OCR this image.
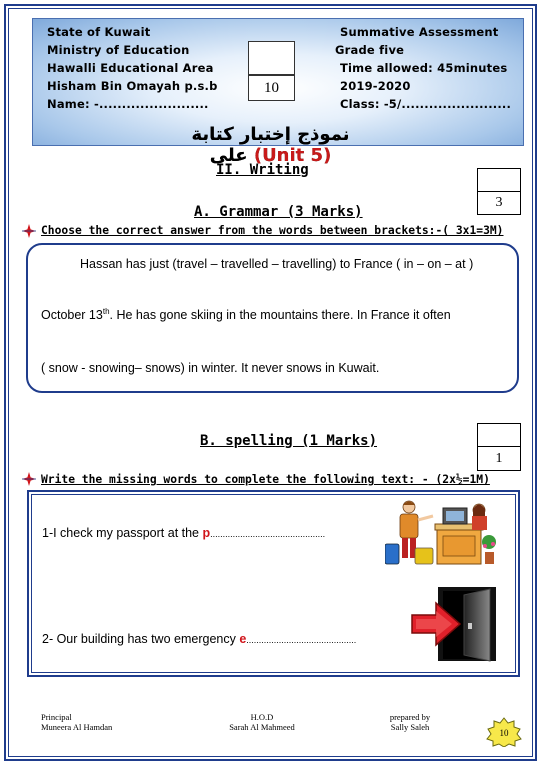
State of Kuwait
Ministry of Education
Hawalli Educational Area
Hisham Bin Omayah p.s.b
Name: -........................
Summative Assessment
Grade five
Time allowed: 45minutes
2019-2020
Class: -5/........................
10
نموذج إختبار كتابة على (Unit 5)
II. Writing
3
A. Grammar (3 Marks)
Choose the correct answer from the words between brackets:-( 3x1=3M)
Hassan has just (travel – travelled – travelling) to France ( in – on – at )
October 13th. He has gone skiing in the mountains there. In France it often
( snow - snowing– snows) in winter. It never snows in Kuwait.
B. spelling (1 Marks)
1
Write the missing words to complete the following text: - (2x½=1M)
1-I check my passport at the p..............................................
2- Our building has two emergency e............................................
Principal
Muneera Al Hamdan
H.O.D
Sarah Al Mahmeed
prepared by
Sally Saleh
10
